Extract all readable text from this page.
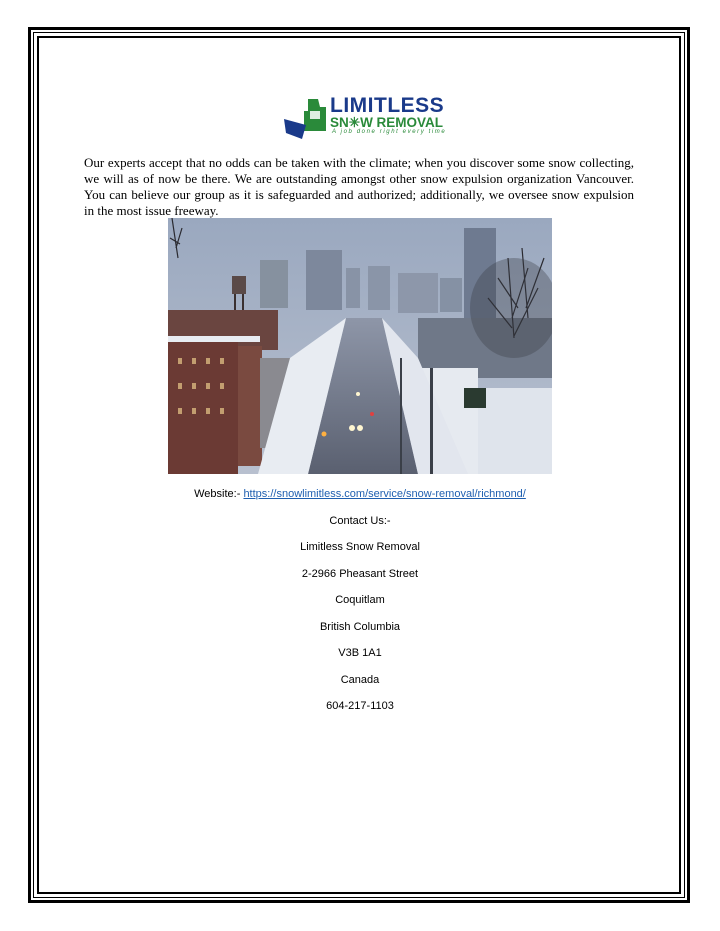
LIMITLESS
SN✳W REMOVAL
A job done right every time
Our experts accept that no odds can be taken with the climate; when you discover some snow collecting, we will as of now be there. We are outstanding amongst other snow expulsion organization Vancouver. You can believe our group as it is safeguarded and authorized; additionally, we oversee snow expulsion in the most issue freeway.
Website:- https://snowlimitless.com/service/snow-removal/richmond/
Contact Us:-
Limitless Snow Removal
2-2966 Pheasant Street
Coquitlam
British Columbia
V3B 1A1
Canada
604-217-1103
